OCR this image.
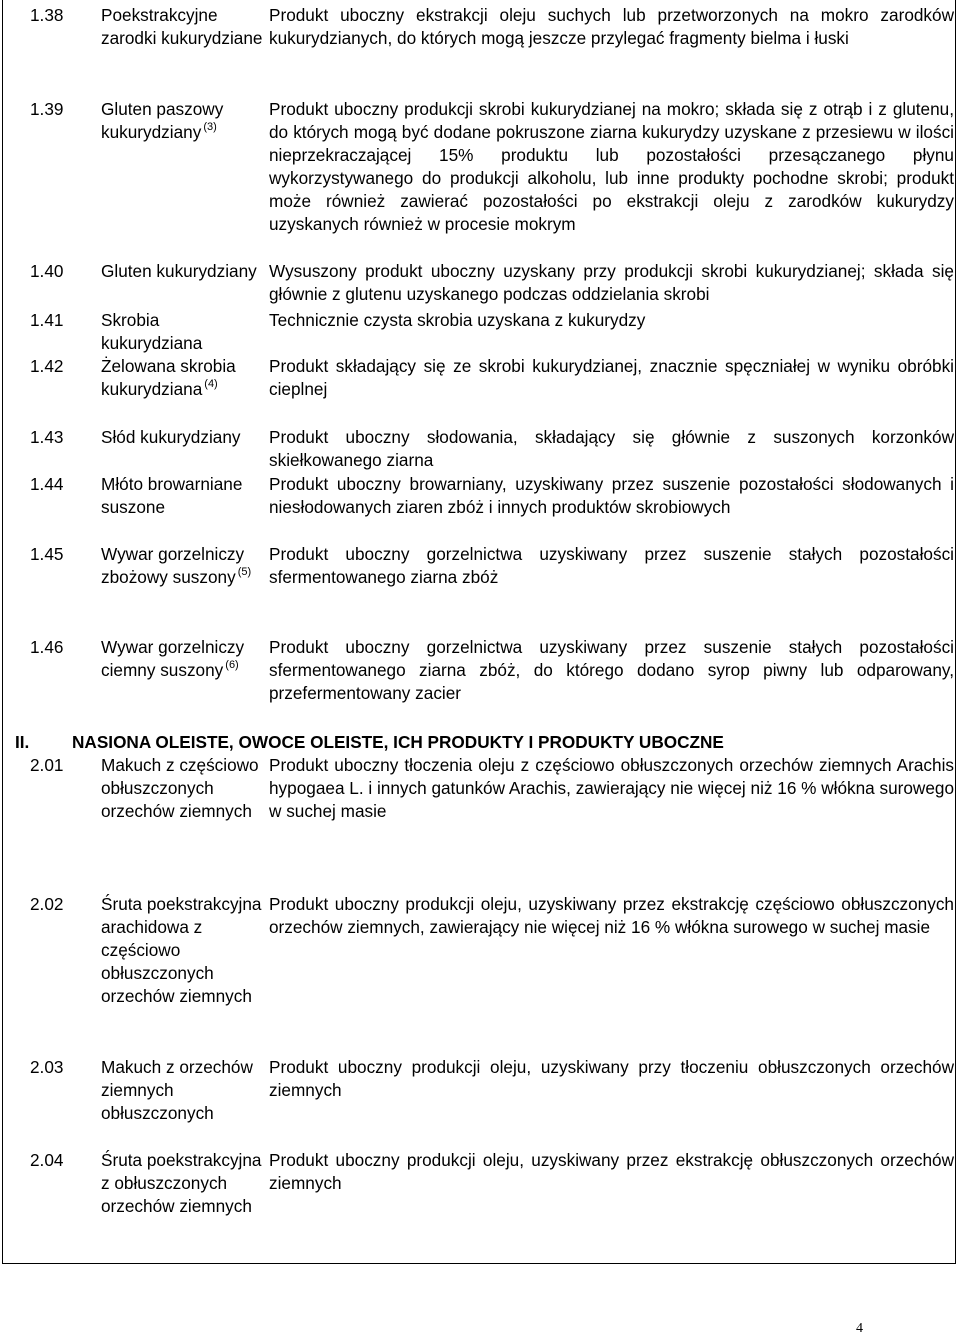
1.38 Poekstrakcyjne zarodki kukurydziane
Produkt uboczny ekstrakcji oleju suchych lub przetworzonych na mokro zarodków kukurydzianych, do których mogą jeszcze przylegać fragmenty bielma i łuski
1.39 Gluten paszowy kukurydziany $^{(3)}$
Produkt uboczny produkcji skrobi kukurydzianej na mokro; składa się z otrąb i z glutenu, do których mogą być dodane pokruszone ziarna kukurydzy uzyskane z przesiewu w ilości nieprzekraczającej 15% produktu lub pozostałości przesączanego płynu wykorzystywanego do produkcji alkoholu, lub inne produkty pochodne skrobi; produkt może również zawierać pozostałości po ekstrakcji oleju z zarodków kukurydzy uzyskanych również w procesie mokrym
1.40 Gluten kukurydziany Wysuszony produkt uboczny uzyskany przy produkcji skrobi kukurydzianej; składa się głównie z glutenu uzyskanego podczas oddzielania skrobi
1.41 Skrobia kukurydziana
Technicznie czysta skrobia uzyskana z kukurydzy
1.42 Żelowana skrobia kukurydziana $^{(4)}$
Produkt składający się ze skrobi kukurydzianej, znacznie spęczniałej w wyniku obróbki cieplnej
1.43 Słód kukurydziany	Produkt uboczny słodowania, składający się głównie z suszonych korzonków skiełkowanego ziarna
1.44 Młóto browarniane suszone
Produkt uboczny browarniany, uzyskiwany przez suszenie pozostałości słodowanych i niesłodowanych ziaren zbóż i innych produktów skrobiowych
1.45 Wywar gorzelniczy zbożowy suszony $^{(5)}$
Produkt uboczny gorzelnictwa uzyskiwany przez suszenie stałych pozostałości sfermentowanego ziarna zbóż
1.46 Wywar gorzelniczy ciemny suszony $^{(6)}$
Produkt uboczny gorzelnictwa uzyskiwany przez suszenie stałych pozostałości sfermentowanego ziarna zbóż, do którego dodano syrop piwny lub odparowany, przefermentowany zacier
II. NASIONA OLEISTE, OWOCE OLEISTE, ICH PRODUKTY I PRODUKTY UBOCZNE
2.01 Makuch z częściowo obłuszczonych orzechów ziemnych
Produkt uboczny tłoczenia oleju z częściowo obłuszczonych orzechów ziemnych Arachis hypogaea L. i innych gatunków Arachis, zawierający nie więcej niż 16 % włókna surowego w suchej masie
2.02 Śruta poekstrakcyjna arachidowa z częściowo obłuszczonych orzechów ziemnych
Produkt uboczny produkcji oleju, uzyskiwany przez ekstrakcję częściowo obłuszczonych orzechów ziemnych, zawierający nie więcej niż 16 % włókna surowego w suchej masie
2.03 Makuch z orzechów ziemnych obłuszczonych
Produkt uboczny produkcji oleju, uzyskiwany przy tłoczeniu obłuszczonych orzechów ziemnych
2.04 Śruta poekstrakcyjna z obłuszczonych orzechów ziemnych
Produkt uboczny produkcji oleju, uzyskiwany przez ekstrakcję obłuszczonych orzechów ziemnych
4
